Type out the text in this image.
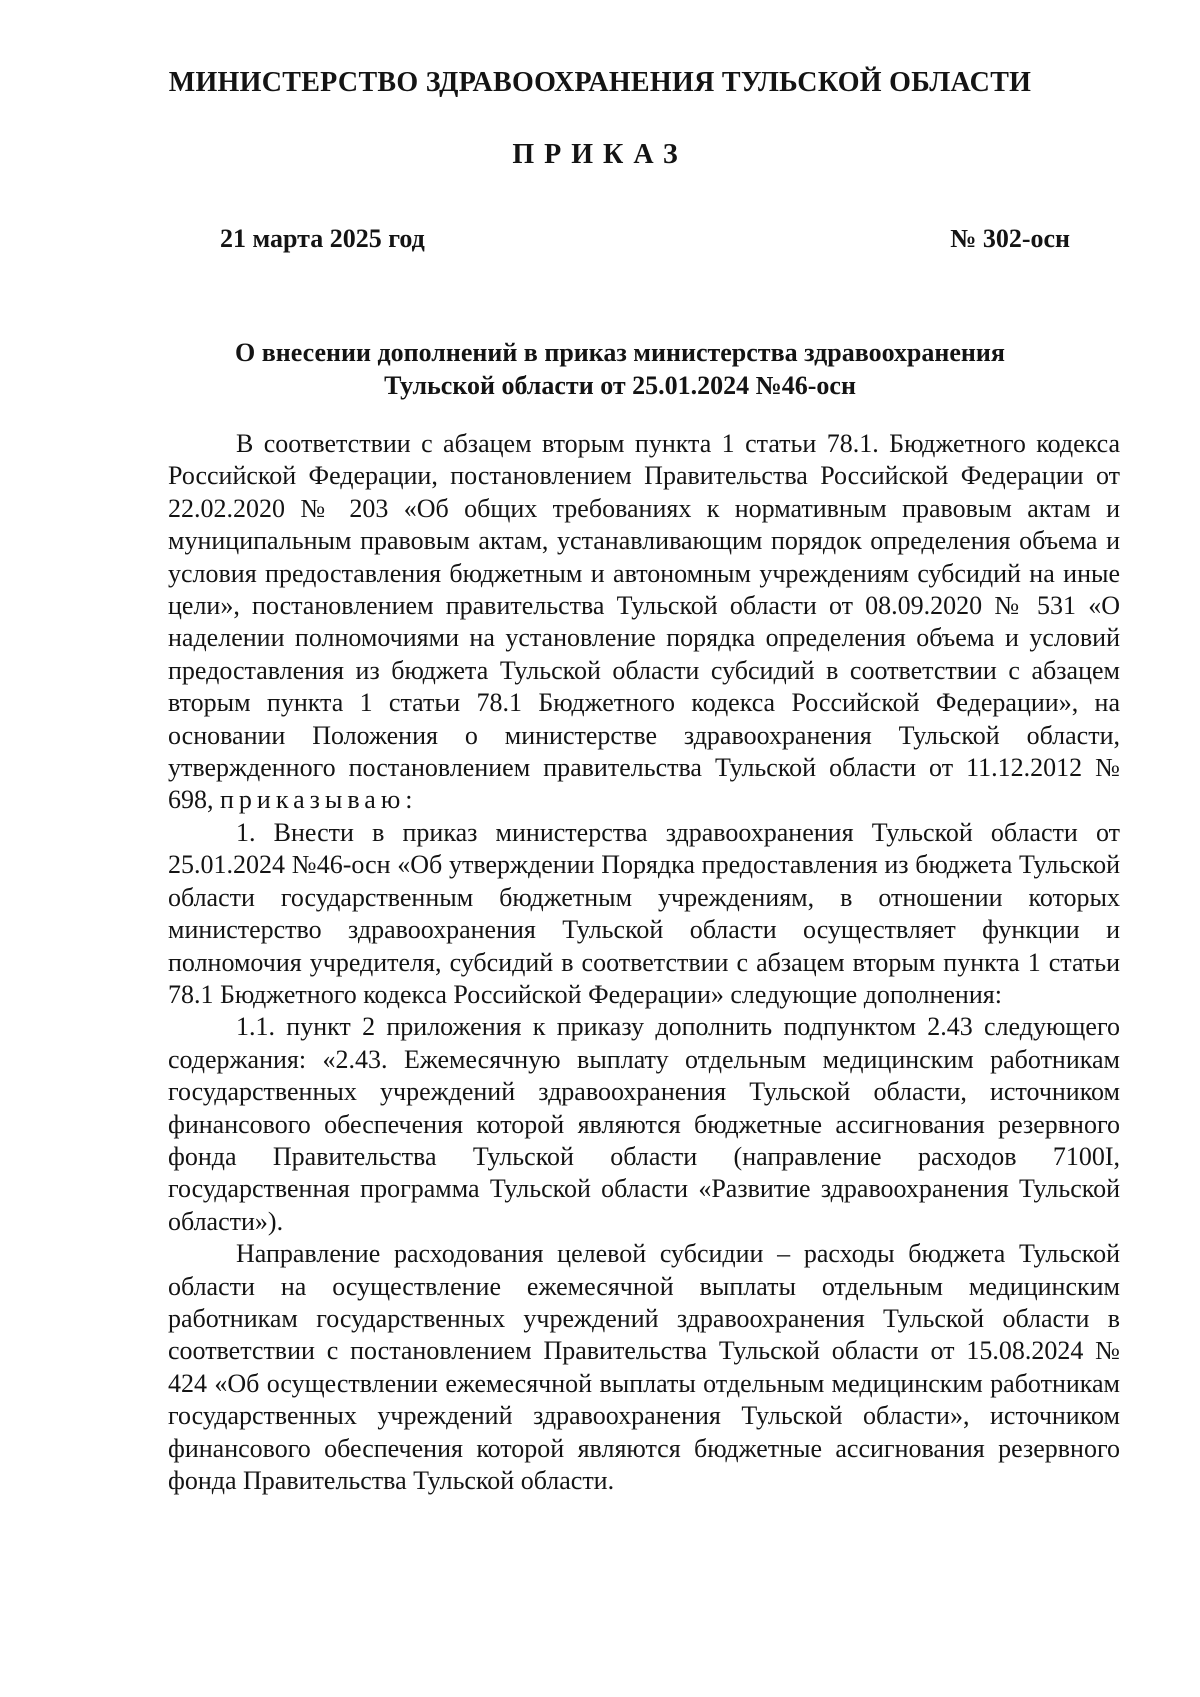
МИНИСТЕРСТВО ЗДРАВООХРАНЕНИЯ ТУЛЬСКОЙ ОБЛАСТИ
ПРИКАЗ
21 марта 2025 год	№ 302-осн
О внесении дополнений в приказ министерства здравоохранения
Тульской области от 25.01.2024 №46-осн

В соответствии с абзацем вторым пункта 1 статьи 78.1. Бюджетного кодекса Российской Федерации, постановлением Правительства Российской Федерации от 22.02.2020 № 203 «Об общих требованиях к нормативным правовым актам и муниципальным правовым актам, устанавливающим порядок определения объема и условия предоставления бюджетным и автономным учреждениям субсидий на иные цели», постановлением правительства Тульской области от 08.09.2020 № 531 «О наделении полномочиями на установление порядка определения объема и условий предоставления из бюджета Тульской области субсидий в соответствии с абзацем вторым пункта 1 статьи 78.1 Бюджетного кодекса Российской Федерации», на основании Положения о министерстве здравоохранения Тульской области, утвержденного постановлением правительства Тульской области от 11.12.2012 № 698, приказываю:

1. Внести в приказ министерства здравоохранения Тульской области от 25.01.2024 №46-осн «Об утверждении Порядка предоставления из бюджета Тульской области государственным бюджетным учреждениям, в отношении которых министерство здравоохранения Тульской области осуществляет функции и полномочия учредителя, субсидий в соответствии с абзацем вторым пункта 1 статьи 78.1 Бюджетного кодекса Российской Федерации» следующие дополнения:

1.1. пункт 2 приложения к приказу дополнить подпунктом 2.43 следующего содержания: «2.43. Ежемесячную выплату отдельным медицинским работникам государственных учреждений здравоохранения Тульской области, источником финансового обеспечения которой являются бюджетные ассигнования резервного фонда Правительства Тульской области (направление расходов 7100I, государственная программа Тульской области «Развитие здравоохранения Тульской области»).

Направление расходования целевой субсидии – расходы бюджета Тульской области на осуществление ежемесячной выплаты отдельным медицинским работникам государственных учреждений здравоохранения Тульской области в соответствии с постановлением Правительства Тульской области от 15.08.2024 № 424 «Об осуществлении ежемесячной выплаты отдельным медицинским работникам государственных учреждений здравоохранения Тульской области», источником финансового обеспечения которой являются бюджетные ассигнования резервного фонда Правительства Тульской области.
